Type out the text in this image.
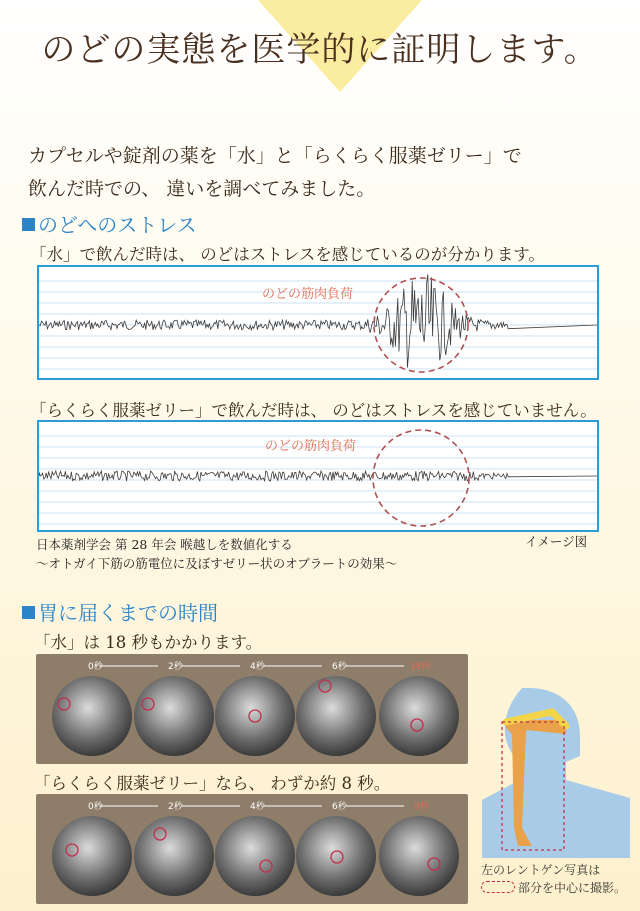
のどの実態を医学的に証明します。
カプセルや錠剤の薬を「水」と「らくらく服薬ゼリー」で
飲んだ時での、 違いを調べてみました。
のどへのストレス
「水」で飲んだ時は、 のどはストレスを感じているのが分かります。
のどの筋肉負荷
「らくらく服薬ゼリー」で飲んだ時は、 のどはストレスを感じていません。
のどの筋肉負荷
日本薬剤学会 第 28 年会 喉越しを数値化する
〜オトガイ下筋の筋電位に及ぼすゼリー状のオブラートの効果〜
イメージ図
胃に届くまでの時間
「水」は 18 秒もかかります。
0秒	2秒	4秒	6秒	18秒
「らくらく服薬ゼリー」なら、 わずか約 8 秒。
0秒	2秒	4秒	6秒	8秒
左のレントゲン写真は
部分を中心に撮影。
